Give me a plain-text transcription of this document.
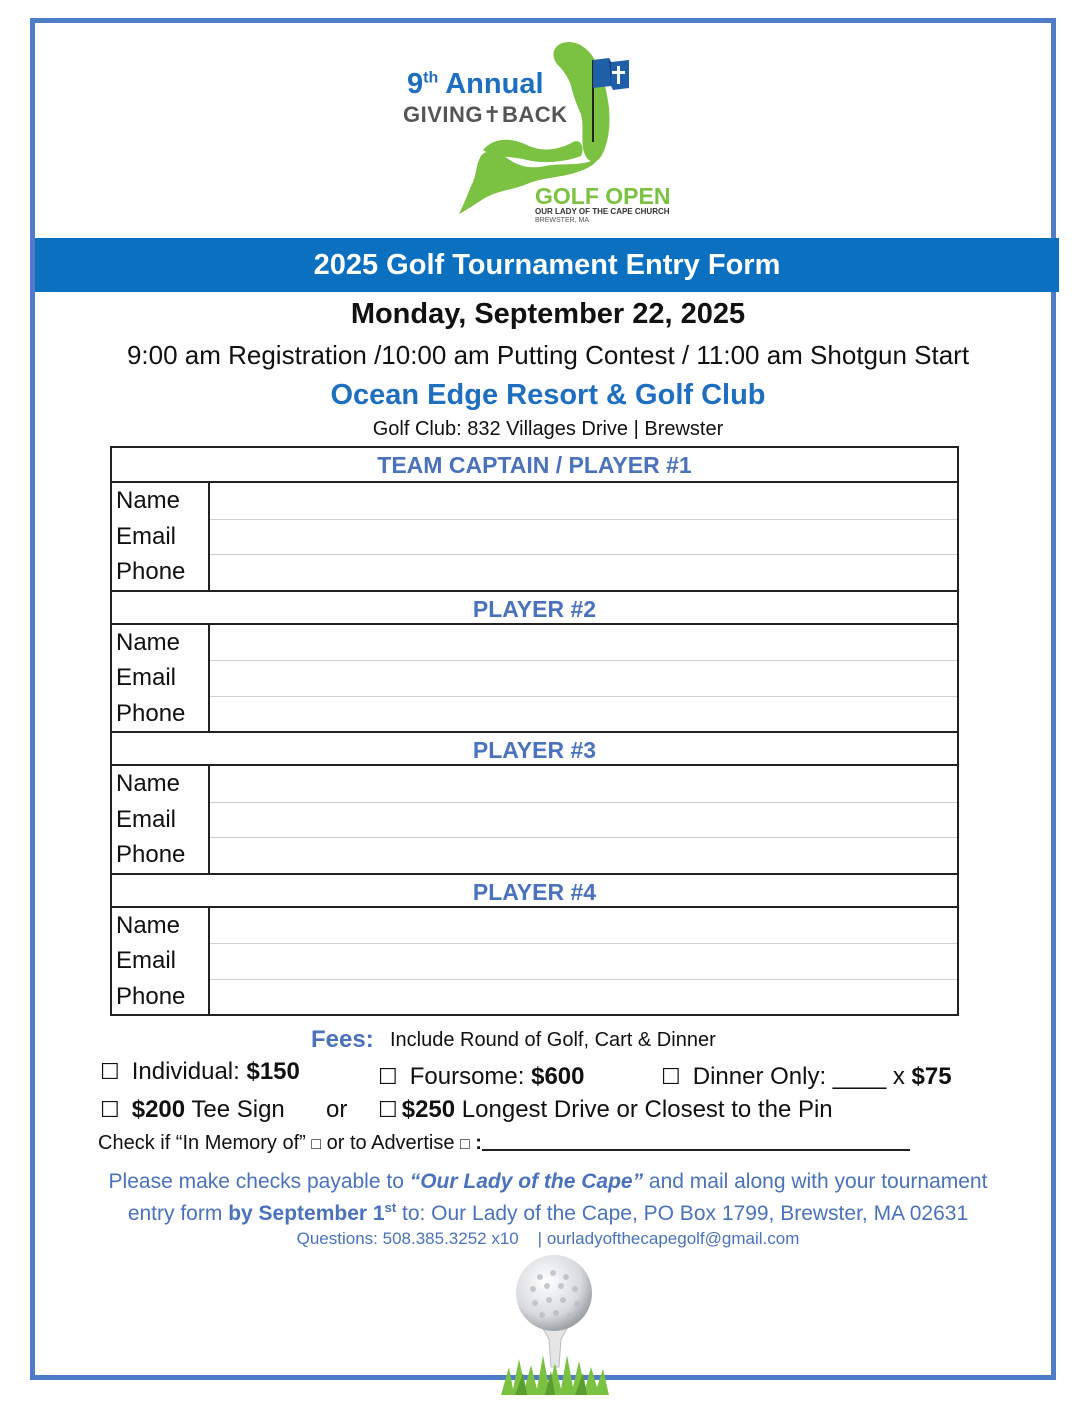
9th Annual
GIVING✝BACK
GOLF OPEN
OUR LADY OF THE CAPE CHURCH
BREWSTER, MA
2025 Golf Tournament Entry Form
Monday, September 22, 2025
9:00 am Registration /10:00 am Putting Contest / 11:00 am Shotgun Start
Ocean Edge Resort & Golf Club
Golf Club: 832 Villages Drive | Brewster
TEAM CAPTAIN / PLAYER #1
Name
Email
Phone
PLAYER #2
Name
Email
Phone
PLAYER #3
Name
Email
Phone
PLAYER #4
Name
Email
Phone
Fees: Include Round of Golf, Cart & Dinner
☐ Individual: $150	☐ Foursome: $600	☐ Dinner Only: ____ x $75
☐ $200 Tee Sign or ☐ $250 Longest Drive or Closest to the Pin
Check if “In Memory of” □ or to Advertise □ :
Please make checks payable to “Our Lady of the Cape” and mail along with your tournament
entry form by September 1st to: Our Lady of the Cape, PO Box 1799, Brewster, MA 02631
Questions: 508.385.3252 x10 | ourladyofthecapegolf@gmail.com
